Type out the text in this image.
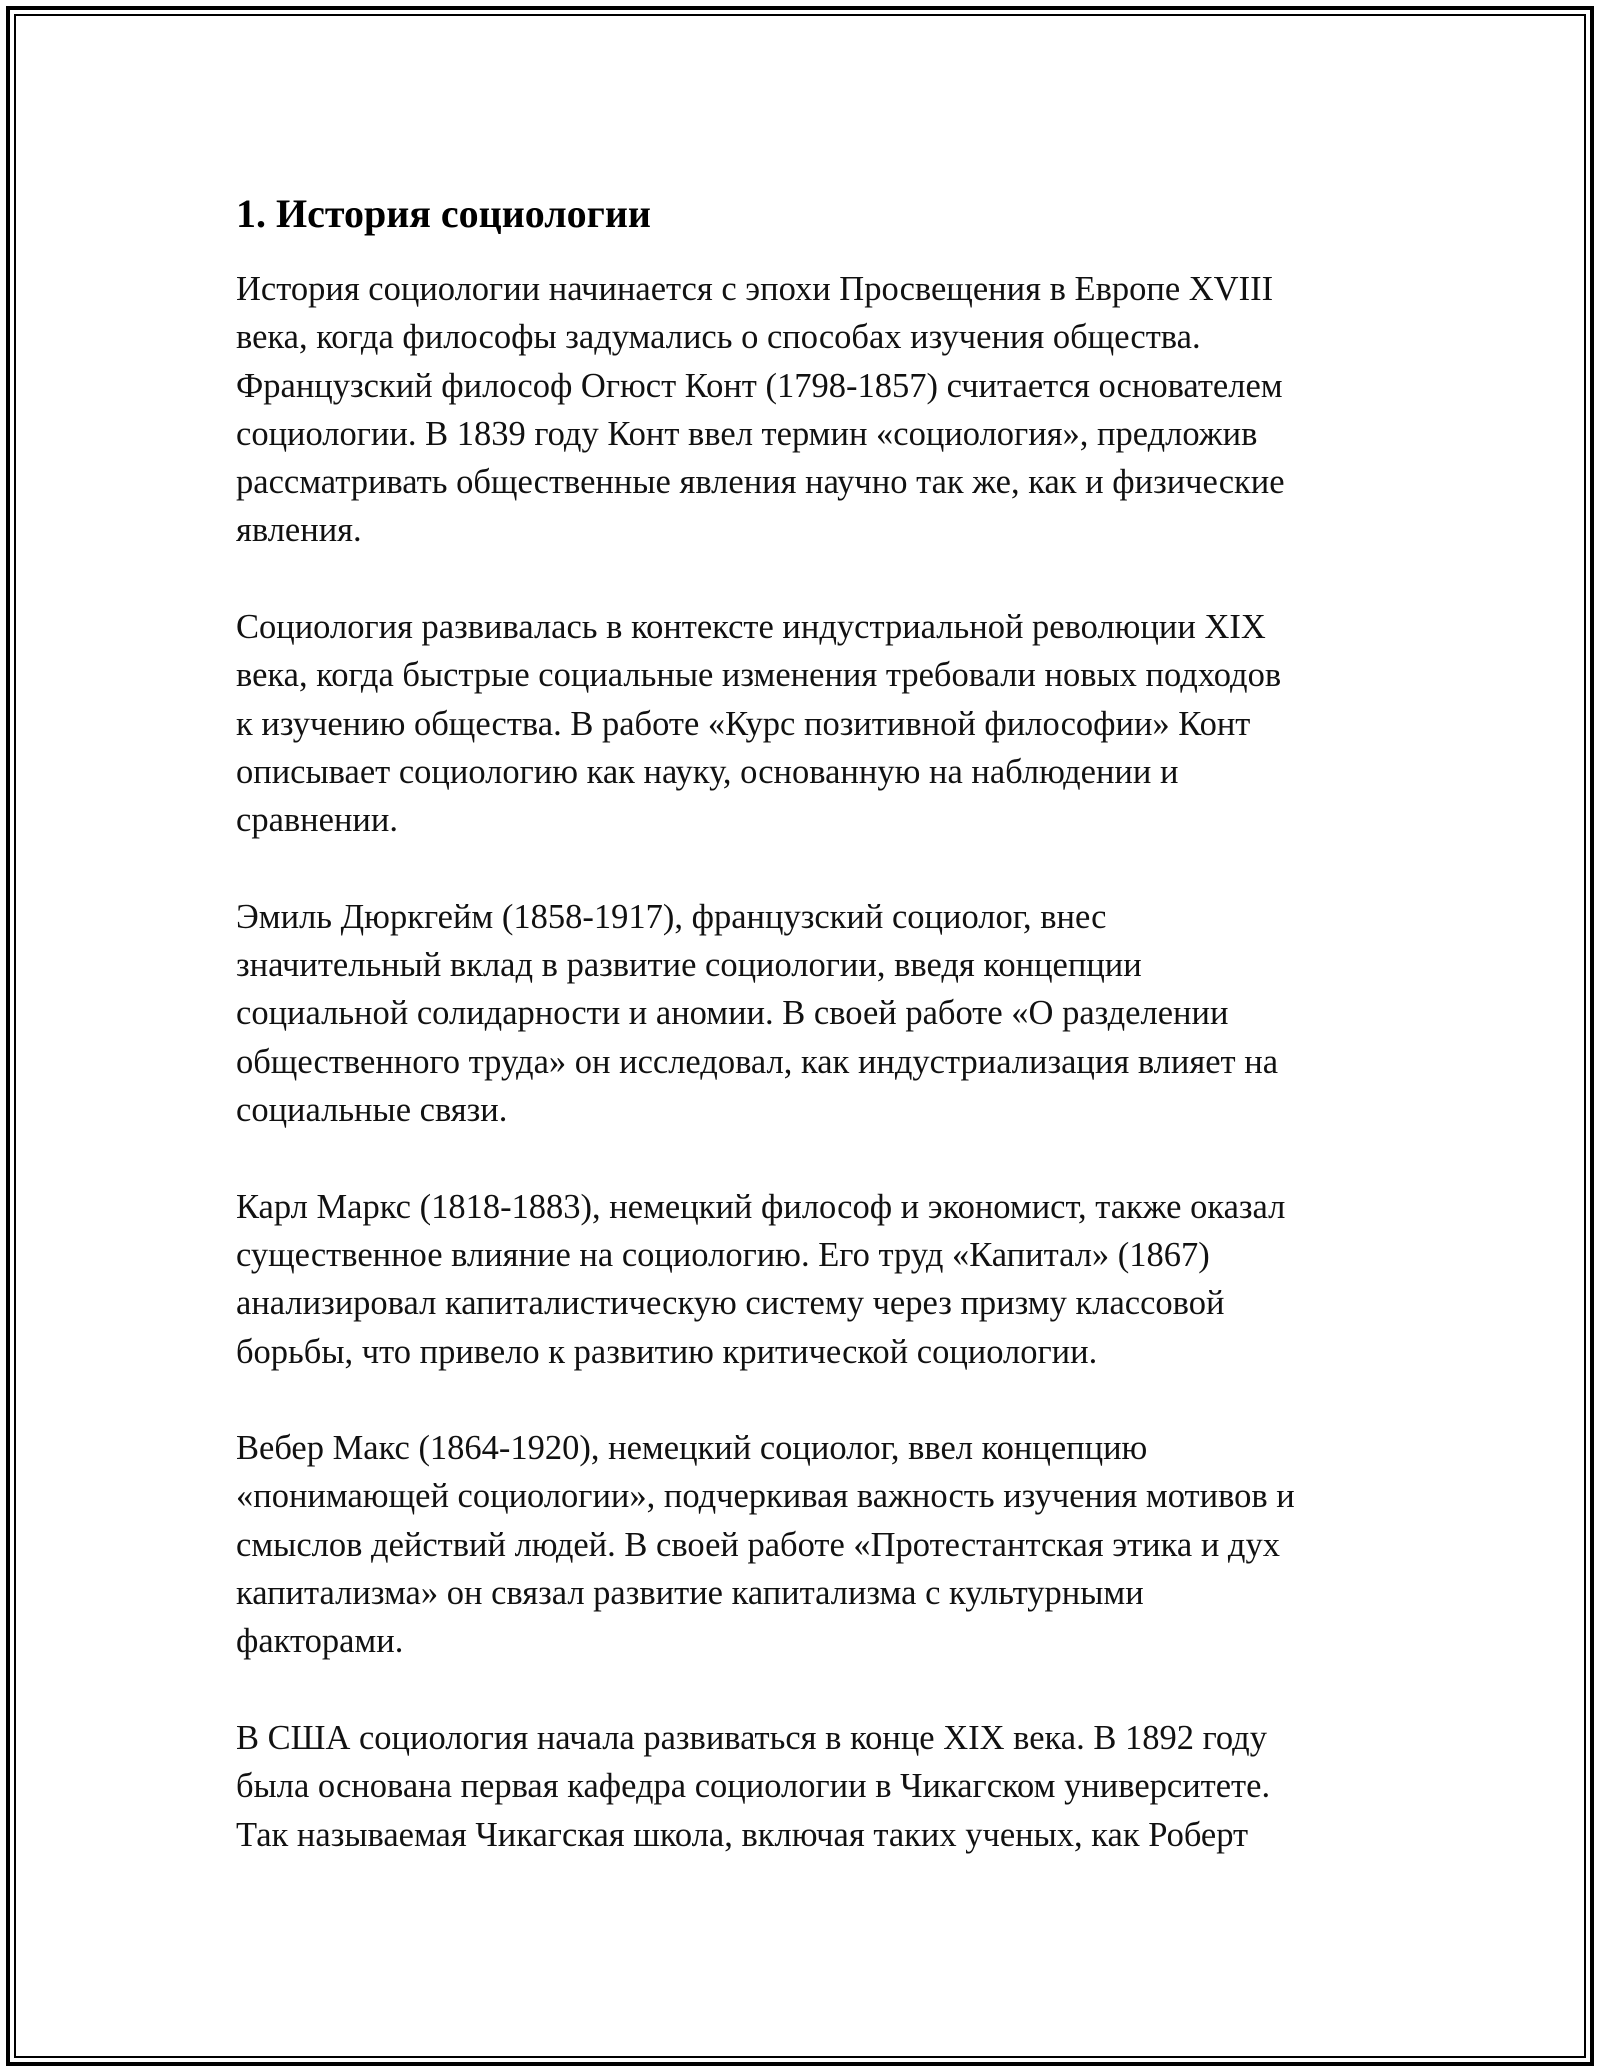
1. История социологии

История социологии начинается с эпохи Просвещения в Европе XVIII
века, когда философы задумались о способах изучения общества.
Французский философ Огюст Конт (1798-1857) считается основателем
социологии. В 1839 году Конт ввел термин «социология», предложив
рассматривать общественные явления научно так же, как и физические
явления.

Социология развивалась в контексте индустриальной революции XIX
века, когда быстрые социальные изменения требовали новых подходов
к изучению общества. В работе «Курс позитивной философии» Конт
описывает социологию как науку, основанную на наблюдении и
сравнении.

Эмиль Дюркгейм (1858-1917), французский социолог, внес
значительный вклад в развитие социологии, введя концепции
социальной солидарности и аномии. В своей работе «О разделении
общественного труда» он исследовал, как индустриализация влияет на
социальные связи.

Карл Маркс (1818-1883), немецкий философ и экономист, также оказал
существенное влияние на социологию. Его труд «Капитал» (1867)
анализировал капиталистическую систему через призму классовой
борьбы, что привело к развитию критической социологии.

Вебер Макс (1864-1920), немецкий социолог, ввел концепцию
«понимающей социологии», подчеркивая важность изучения мотивов и
смыслов действий людей. В своей работе «Протестантская этика и дух
капитализма» он связал развитие капитализма с культурными
факторами.

В США социология начала развиваться в конце XIX века. В 1892 году
была основана первая кафедра социологии в Чикагском университете.
Так называемая Чикагская школа, включая таких ученых, как Роберт
